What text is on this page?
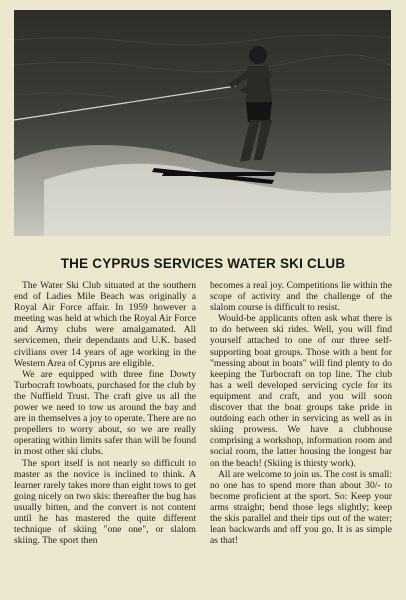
THE CYPRUS SERVICES WATER SKI CLUB

The Water Ski Club situated at the southern end of Ladies Mile Beach was originally a Royal Air Force affair. In 1959 however a meeting was held at which the Royal Air Force and Army clubs were amalgamated. All servicemen, their dependants and U.K. based civilians over 14 years of age working in the Western Area of Cyprus are eligible.

We are equipped with three fine Dowty Turbocraft towboats, purchased for the club by the Nuffield Trust. The craft give us all the power we need to tow us around the bay and are in themselves a joy to operate. There are no propellers to worry about, so we are really operating within limits safer than will be found in most other ski clubs.

The sport itself is not nearly so difficult to master as the novice is inclined to think. A learner rarely takes more than eight tows to get going nicely on two skis: thereafter the bug has usually bitten, and the convert is not content until he has mastered the quite different technique of skiing "one one", or slalom skiing. The sport then

becomes a real joy. Competitions lie within the scope of activity and the challenge of the slalom course is difficult to resist.

Would-be applicants often ask what there is to do between ski rides. Well, you will find yourself attached to one of our three self-supporting boat groups. Those with a bent for "messing about in boats" will find plenty to do keeping the Turbocraft on top line. The club has a well developed servicing cycle for its equipment and craft, and you will soon discover that the boat groups take pride in outdoing each other in servicing as well as in skiing prowess. We have a clubhouse comprising a workshop, information room and social room, the latter housing the longest bar on the beach! (Skiing is thirsty work).

All are welcome to join us. The cost is small: no one has to spend more than about 30/- to become proficient at the sport. So: Keep your arms straight; bend those legs slightly; keep the skis parallel and their tips out of the water; lean backwards and off you go. It is as simple as that!
